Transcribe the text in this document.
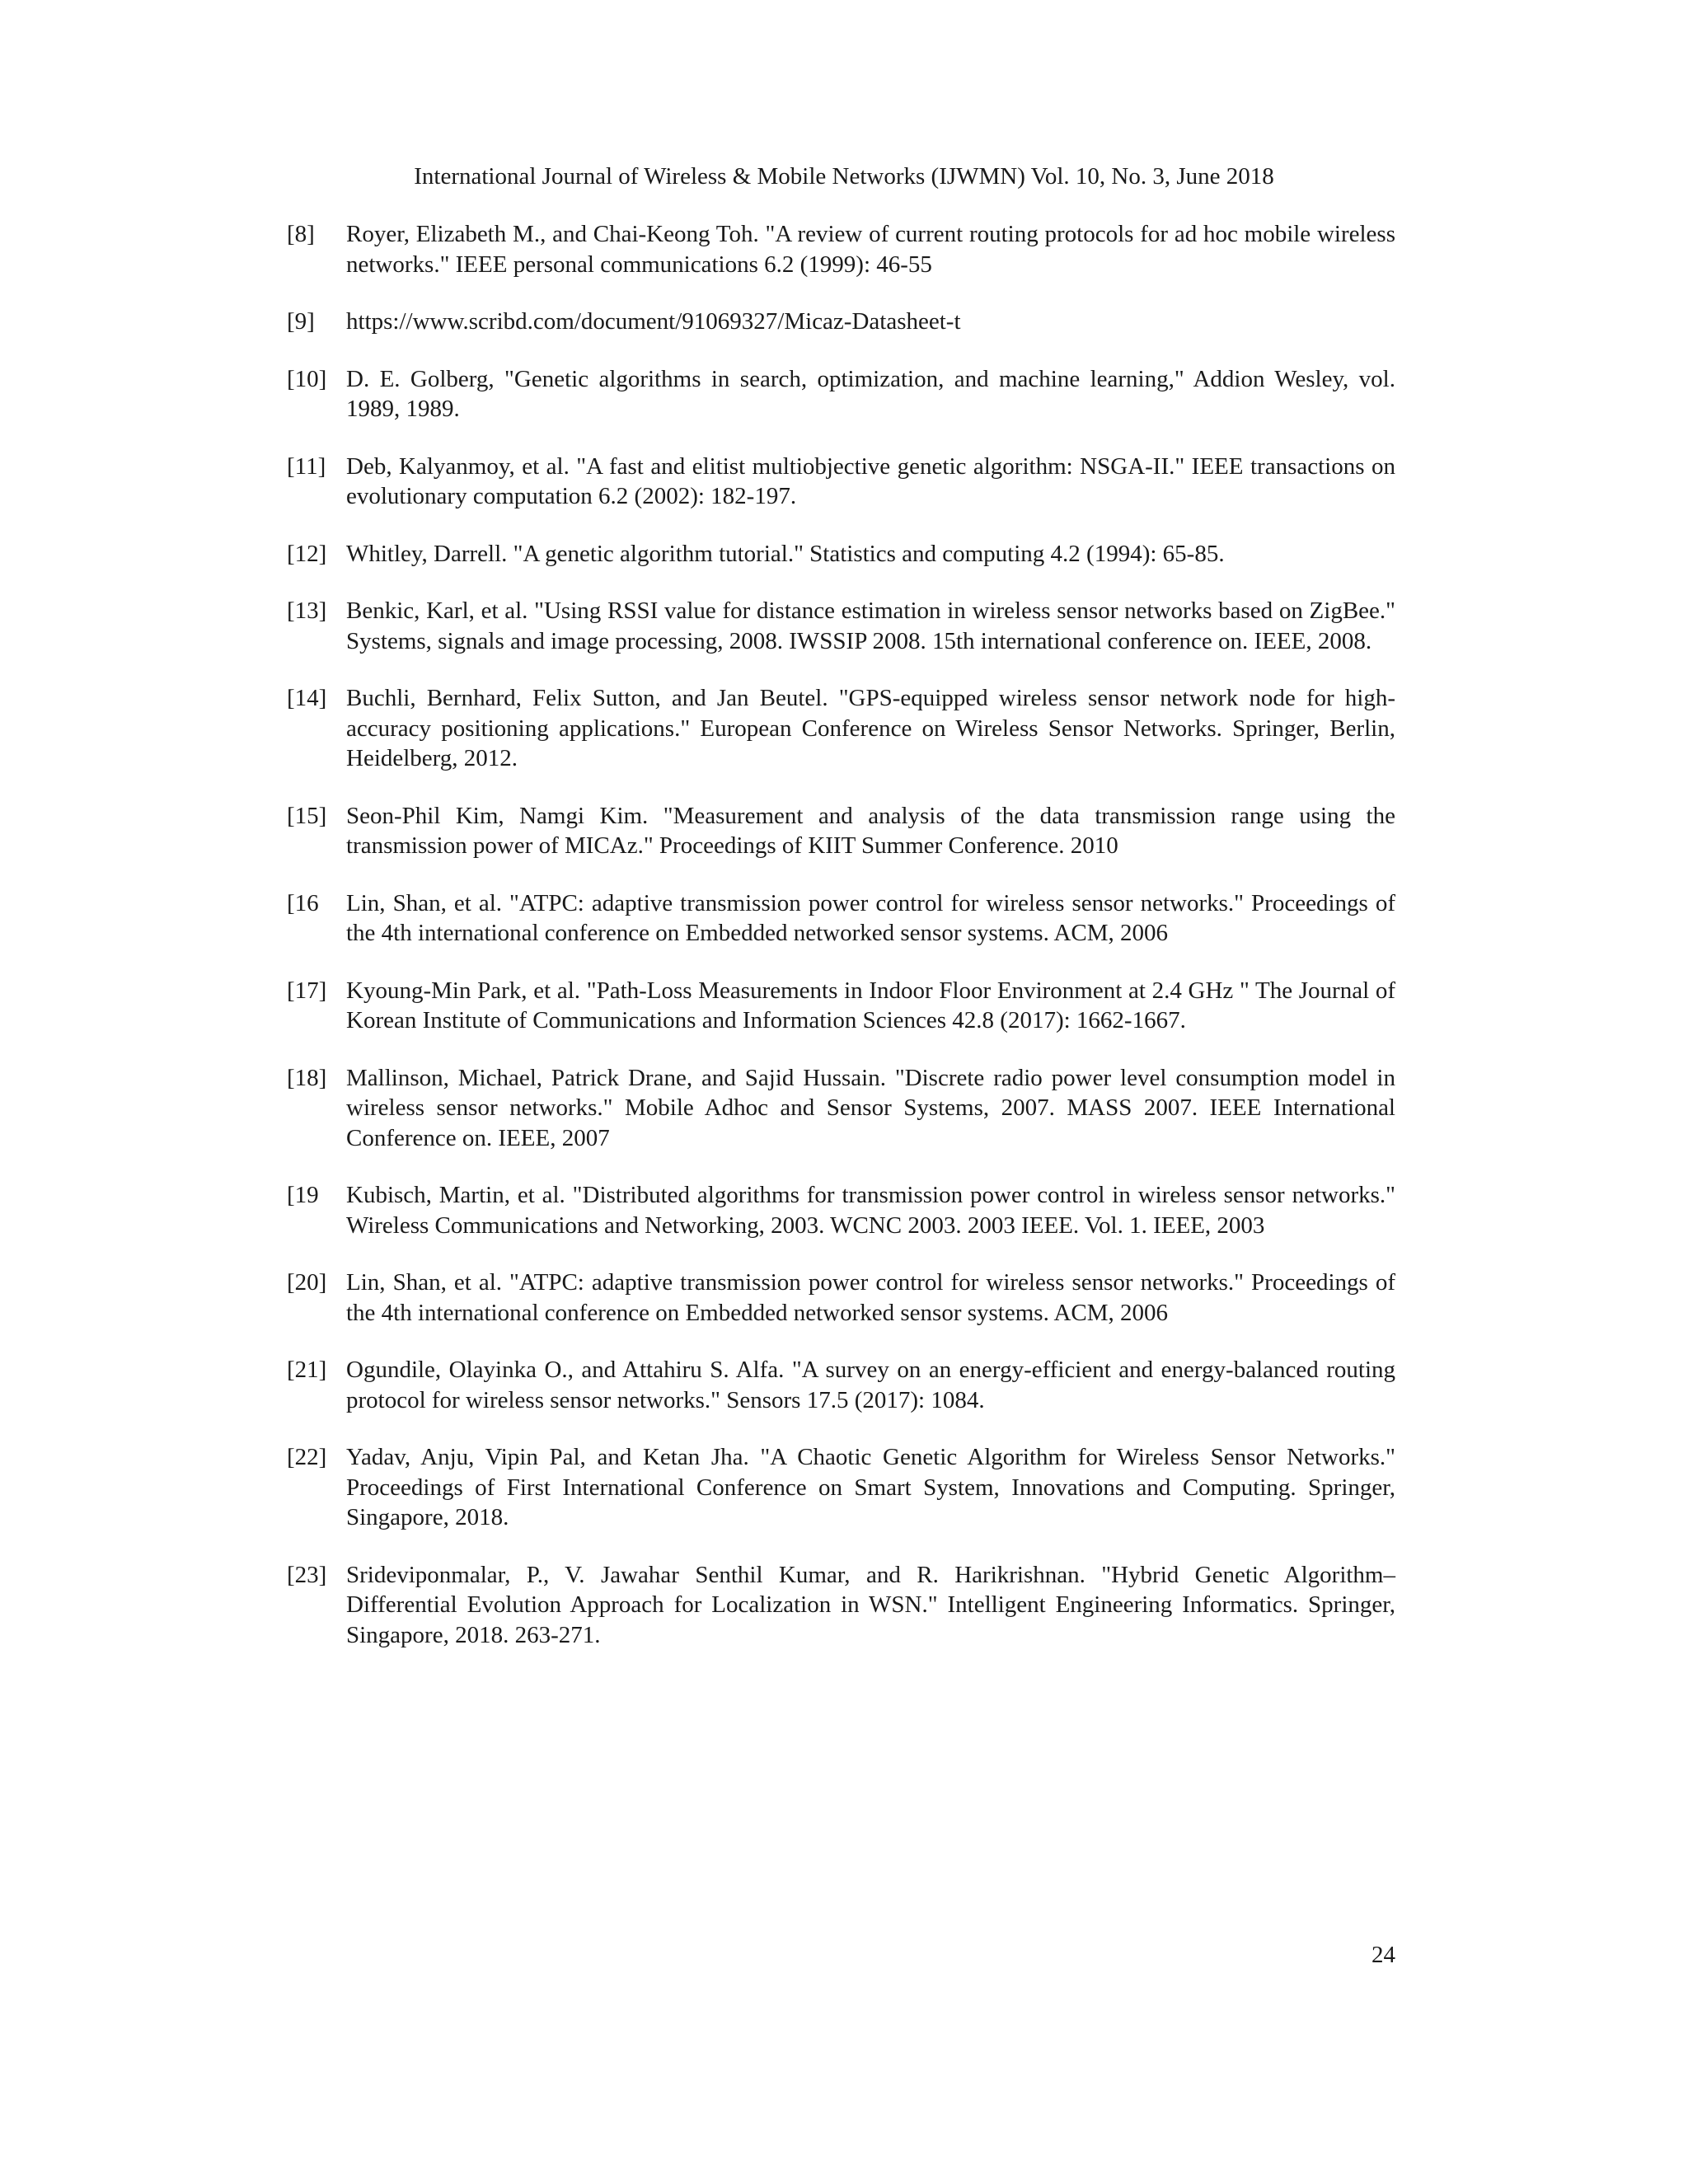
International Journal of Wireless & Mobile Networks (IJWMN) Vol. 10, No. 3, June 2018
[8] Royer, Elizabeth M., and Chai-Keong Toh. "A review of current routing protocols for ad hoc mobile wireless networks." IEEE personal communications 6.2 (1999): 46-55
[9] https://www.scribd.com/document/91069327/Micaz-Datasheet-t
[10] D. E. Golberg, "Genetic algorithms in search, optimization, and machine learning," Addion Wesley, vol. 1989, 1989.
[11] Deb, Kalyanmoy, et al. "A fast and elitist multiobjective genetic algorithm: NSGA-II." IEEE transactions on evolutionary computation 6.2 (2002): 182-197.
[12] Whitley, Darrell. "A genetic algorithm tutorial." Statistics and computing 4.2 (1994): 65-85.
[13] Benkic, Karl, et al. "Using RSSI value for distance estimation in wireless sensor networks based on ZigBee." Systems, signals and image processing, 2008. IWSSIP 2008. 15th international conference on. IEEE, 2008.
[14] Buchli, Bernhard, Felix Sutton, and Jan Beutel. "GPS-equipped wireless sensor network node for high-accuracy positioning applications." European Conference on Wireless Sensor Networks. Springer, Berlin, Heidelberg, 2012.
[15] Seon-Phil Kim, Namgi Kim. "Measurement and analysis of the data transmission range using the transmission power of MICAz." Proceedings of KIIT Summer Conference. 2010
[16 Lin, Shan, et al. "ATPC: adaptive transmission power control for wireless sensor networks." Proceedings of the 4th international conference on Embedded networked sensor systems. ACM, 2006
[17] Kyoung-Min Park, et al. "Path-Loss Measurements in Indoor Floor Environment at 2.4 GHz " The Journal of Korean Institute of Communications and Information Sciences 42.8 (2017): 1662-1667.
[18] Mallinson, Michael, Patrick Drane, and Sajid Hussain. "Discrete radio power level consumption model in wireless sensor networks." Mobile Adhoc and Sensor Systems, 2007. MASS 2007. IEEE International Conference on. IEEE, 2007
[19 Kubisch, Martin, et al. "Distributed algorithms for transmission power control in wireless sensor networks." Wireless Communications and Networking, 2003. WCNC 2003. 2003 IEEE. Vol. 1. IEEE, 2003
[20] Lin, Shan, et al. "ATPC: adaptive transmission power control for wireless sensor networks." Proceedings of the 4th international conference on Embedded networked sensor systems. ACM, 2006
[21] Ogundile, Olayinka O., and Attahiru S. Alfa. "A survey on an energy-efficient and energy-balanced routing protocol for wireless sensor networks." Sensors 17.5 (2017): 1084.
[22] Yadav, Anju, Vipin Pal, and Ketan Jha. "A Chaotic Genetic Algorithm for Wireless Sensor Networks." Proceedings of First International Conference on Smart System, Innovations and Computing. Springer, Singapore, 2018.
[23] Srideviponmalar, P., V. Jawahar Senthil Kumar, and R. Harikrishnan. "Hybrid Genetic Algorithm–Differential Evolution Approach for Localization in WSN." Intelligent Engineering Informatics. Springer, Singapore, 2018. 263-271.
24
